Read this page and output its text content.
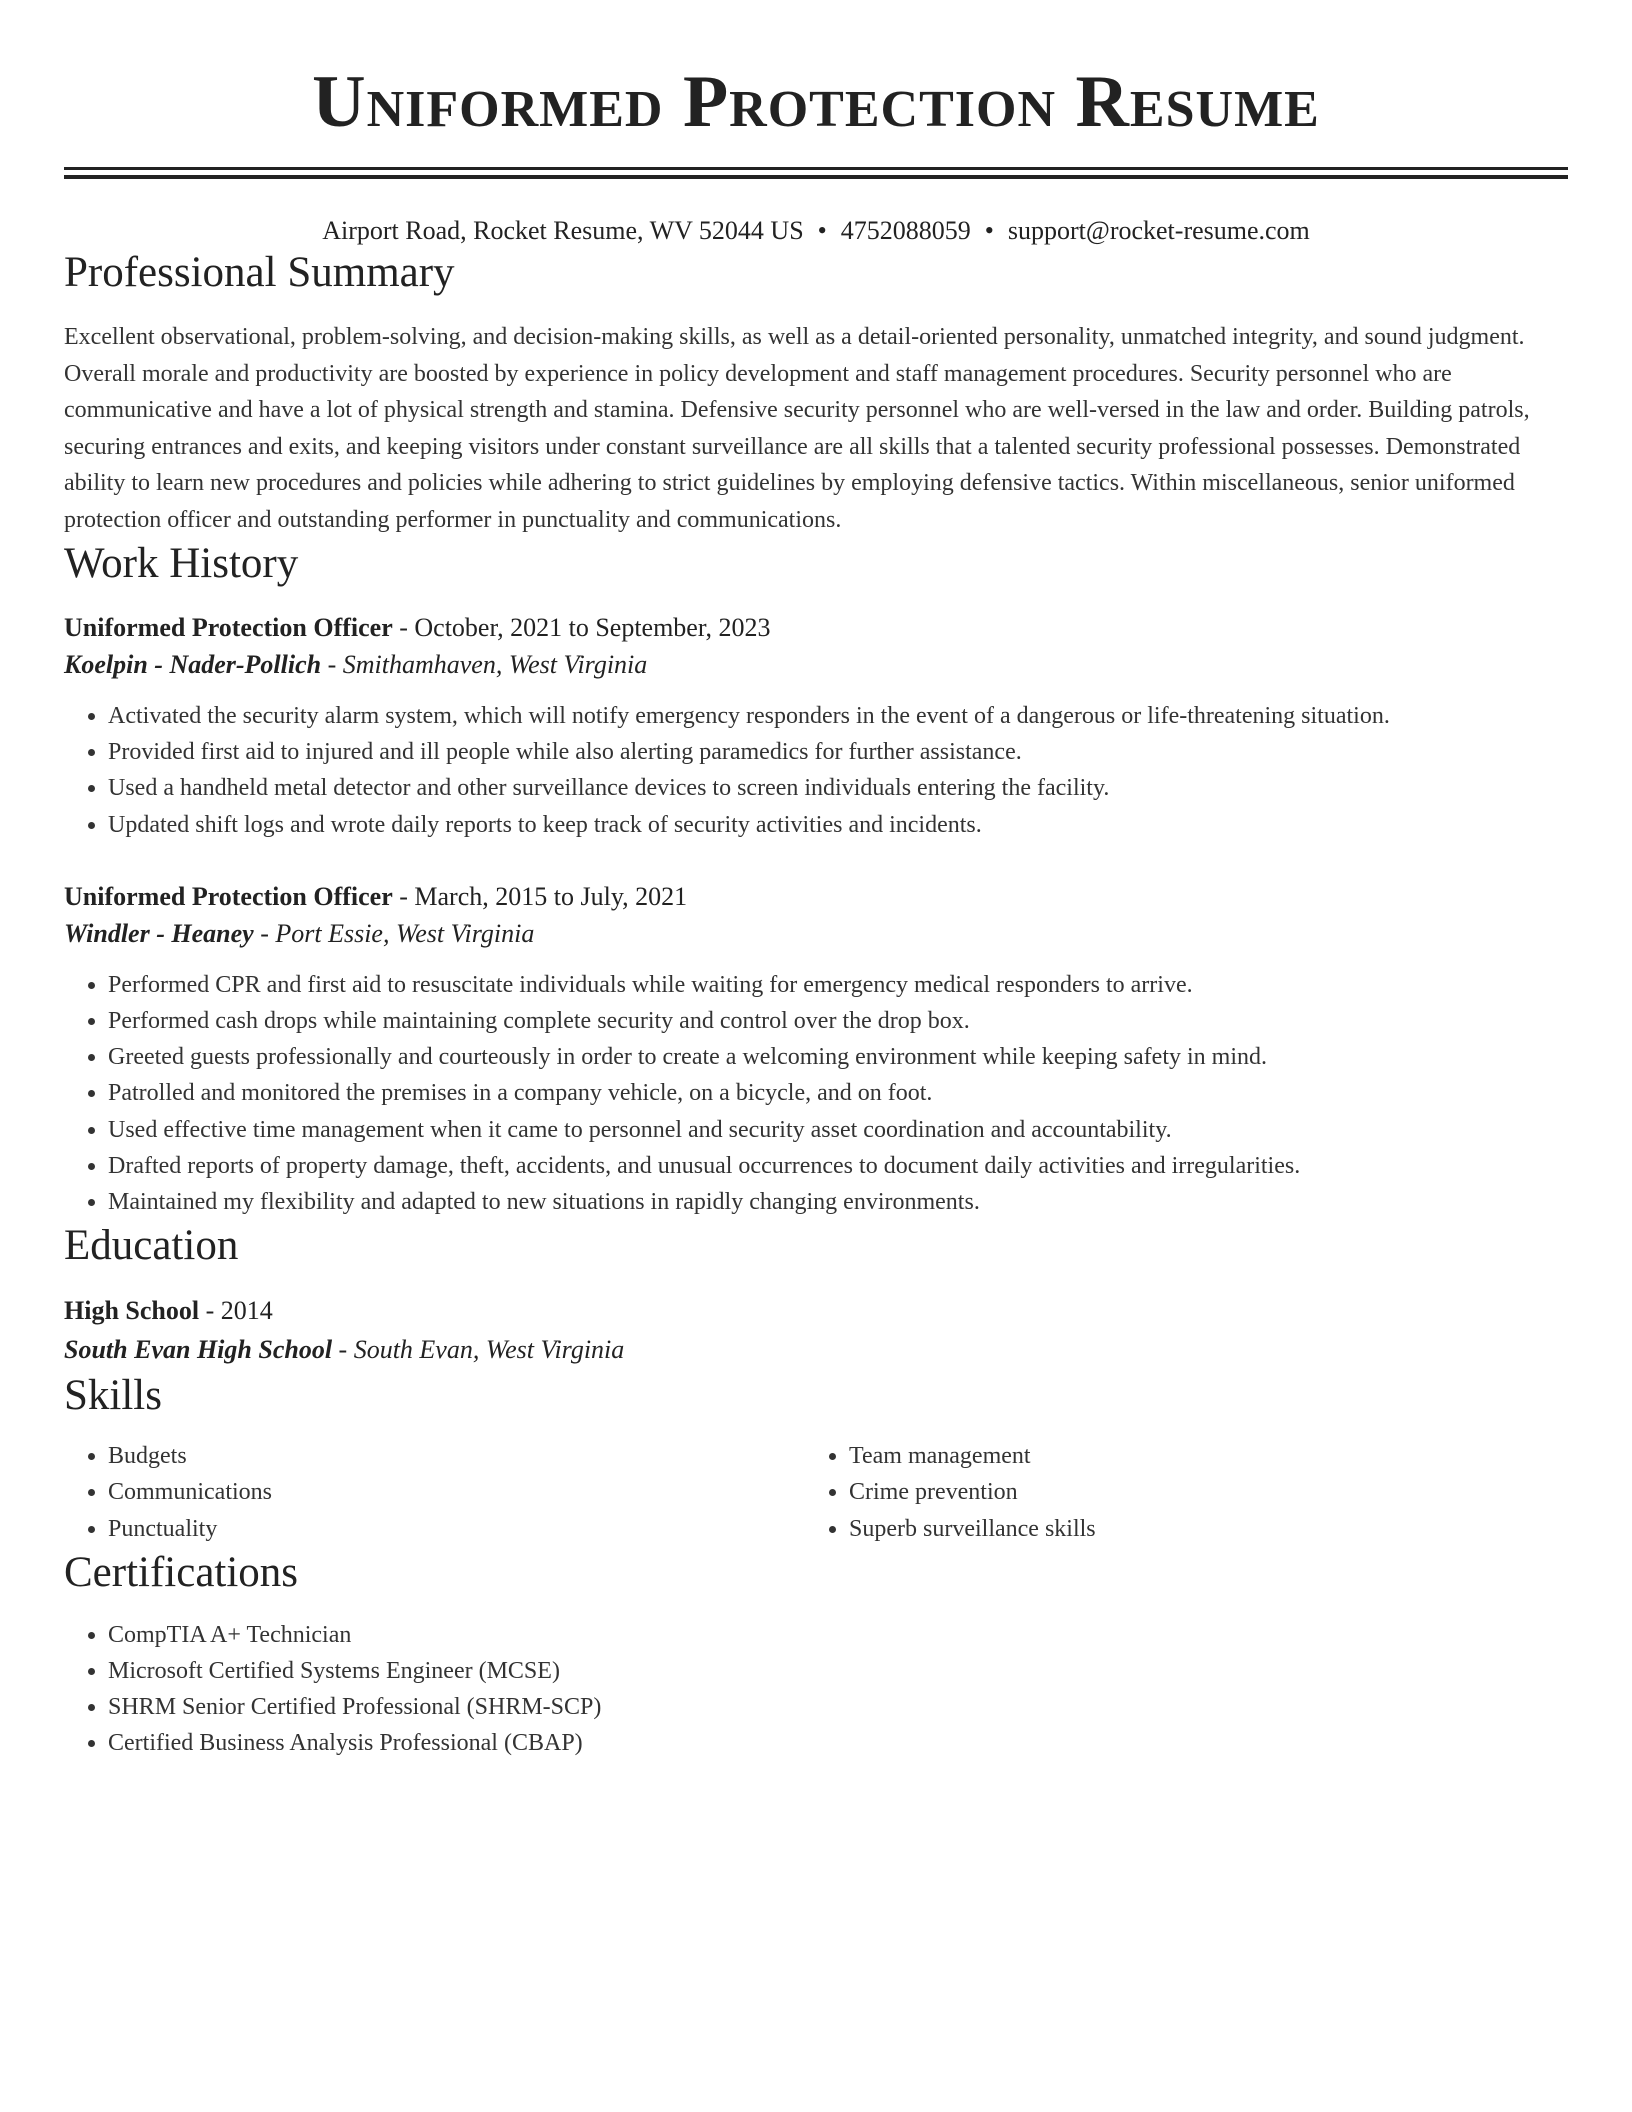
Uniformed Protection Resume
Airport Road, Rocket Resume, WV 52044 US • 4752088059 • support@rocket-resume.com
Professional Summary

Excellent observational, problem-solving, and decision-making skills, as well as a detail-oriented personality, unmatched integrity, and sound judgment. Overall morale and productivity are boosted by experience in policy development and staff management procedures. Security personnel who are communicative and have a lot of physical strength and stamina. Defensive security personnel who are well-versed in the law and order. Building patrols, securing entrances and exits, and keeping visitors under constant surveillance are all skills that a talented security professional possesses. Demonstrated ability to learn new procedures and policies while adhering to strict guidelines by employing defensive tactics. Within miscellaneous, senior uniformed protection officer and outstanding performer in punctuality and communications.

Work History
Uniformed Protection Officer - October, 2021 to September, 2023
Koelpin - Nader-Pollich - Smithamhaven, West Virginia
• Activated the security alarm system, which will notify emergency responders in the event of a dangerous or life-threatening situation.
• Provided first aid to injured and ill people while also alerting paramedics for further assistance.
• Used a handheld metal detector and other surveillance devices to screen individuals entering the facility.
• Updated shift logs and wrote daily reports to keep track of security activities and incidents.
Uniformed Protection Officer - March, 2015 to July, 2021
Windler - Heaney - Port Essie, West Virginia
• Performed CPR and first aid to resuscitate individuals while waiting for emergency medical responders to arrive.
• Performed cash drops while maintaining complete security and control over the drop box.
• Greeted guests professionally and courteously in order to create a welcoming environment while keeping safety in mind.
• Patrolled and monitored the premises in a company vehicle, on a bicycle, and on foot.
• Used effective time management when it came to personnel and security asset coordination and accountability.
• Drafted reports of property damage, theft, accidents, and unusual occurrences to document daily activities and irregularities.
• Maintained my flexibility and adapted to new situations in rapidly changing environments.
Education
High School - 2014
South Evan High School - South Evan, West Virginia
Skills
• Budgets
• Communications
• Punctuality
• Team management
• Crime prevention
• Superb surveillance skills
Certifications
• CompTIA A+ Technician
• Microsoft Certified Systems Engineer (MCSE)
• SHRM Senior Certified Professional (SHRM-SCP)
• Certified Business Analysis Professional (CBAP)
